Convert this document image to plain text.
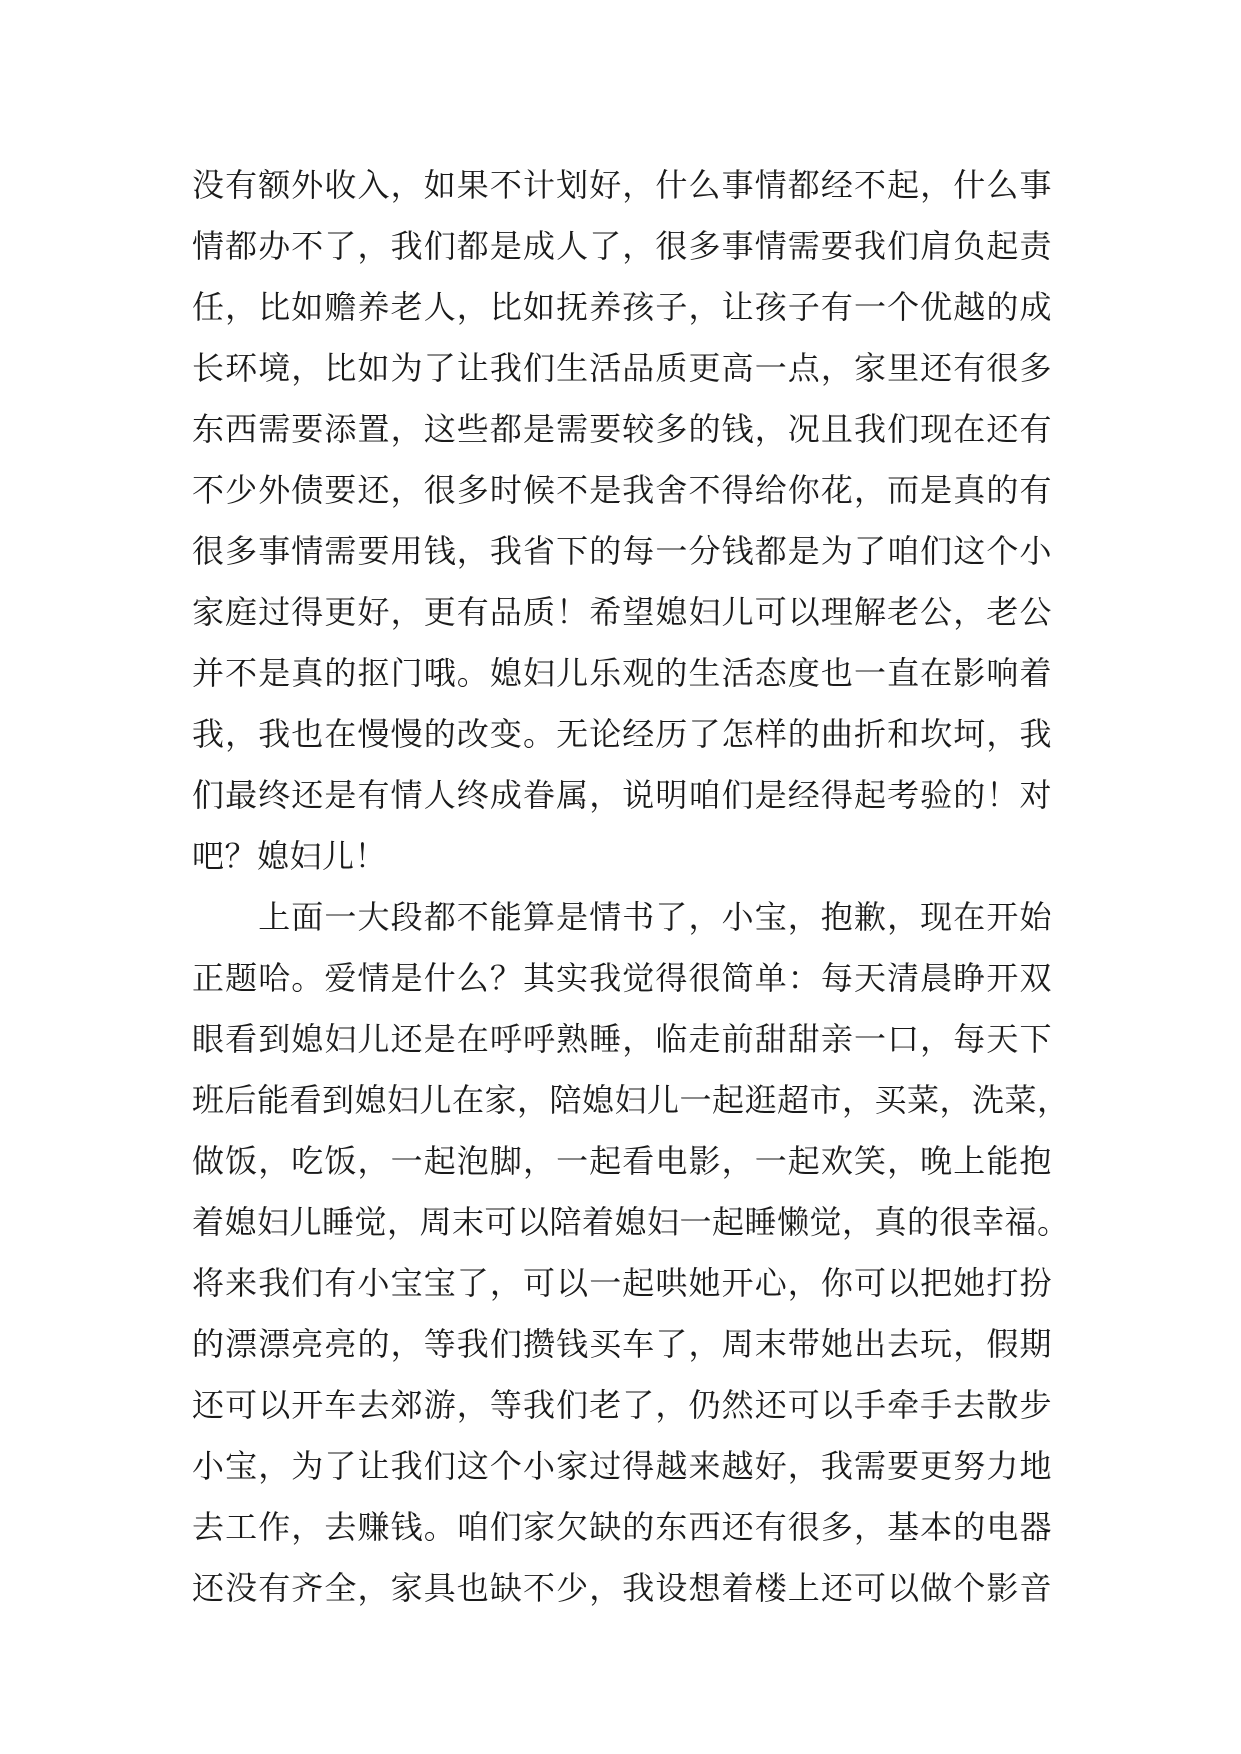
没有额外收入，如果不计划好，什么事情都经不起，什么事
情都办不了，我们都是成人了，很多事情需要我们肩负起责
任，比如赡养老人，比如抚养孩子，让孩子有一个优越的成
长环境，比如为了让我们生活品质更高一点，家里还有很多
东西需要添置，这些都是需要较多的钱，况且我们现在还有
不少外债要还，很多时候不是我舍不得给你花，而是真的有
很多事情需要用钱，我省下的每一分钱都是为了咱们这个小
家庭过得更好，更有品质！希望媳妇儿可以理解老公，老公
并不是真的抠门哦。媳妇儿乐观的生活态度也一直在影响着
我，我也在慢慢的改变。无论经历了怎样的曲折和坎坷，我
们最终还是有情人终成眷属，说明咱们是经得起考验的！对
吧？媳妇儿！
　　上面一大段都不能算是情书了，小宝，抱歉，现在开始
正题哈。爱情是什么？其实我觉得很简单：每天清晨睁开双
眼看到媳妇儿还是在呼呼熟睡，临走前甜甜亲一口，每天下
班后能看到媳妇儿在家，陪媳妇儿一起逛超市，买菜，洗菜，
做饭，吃饭，一起泡脚，一起看电影，一起欢笑，晚上能抱
着媳妇儿睡觉，周末可以陪着媳妇一起睡懒觉，真的很幸福。
将来我们有小宝宝了，可以一起哄她开心，你可以把她打扮
的漂漂亮亮的，等我们攒钱买车了，周末带她出去玩，假期
还可以开车去郊游，等我们老了，仍然还可以手牵手去散步
小宝，为了让我们这个小家过得越来越好，我需要更努力地
去工作，去赚钱。咱们家欠缺的东西还有很多，基本的电器
还没有齐全，家具也缺不少，我设想着楼上还可以做个影音
